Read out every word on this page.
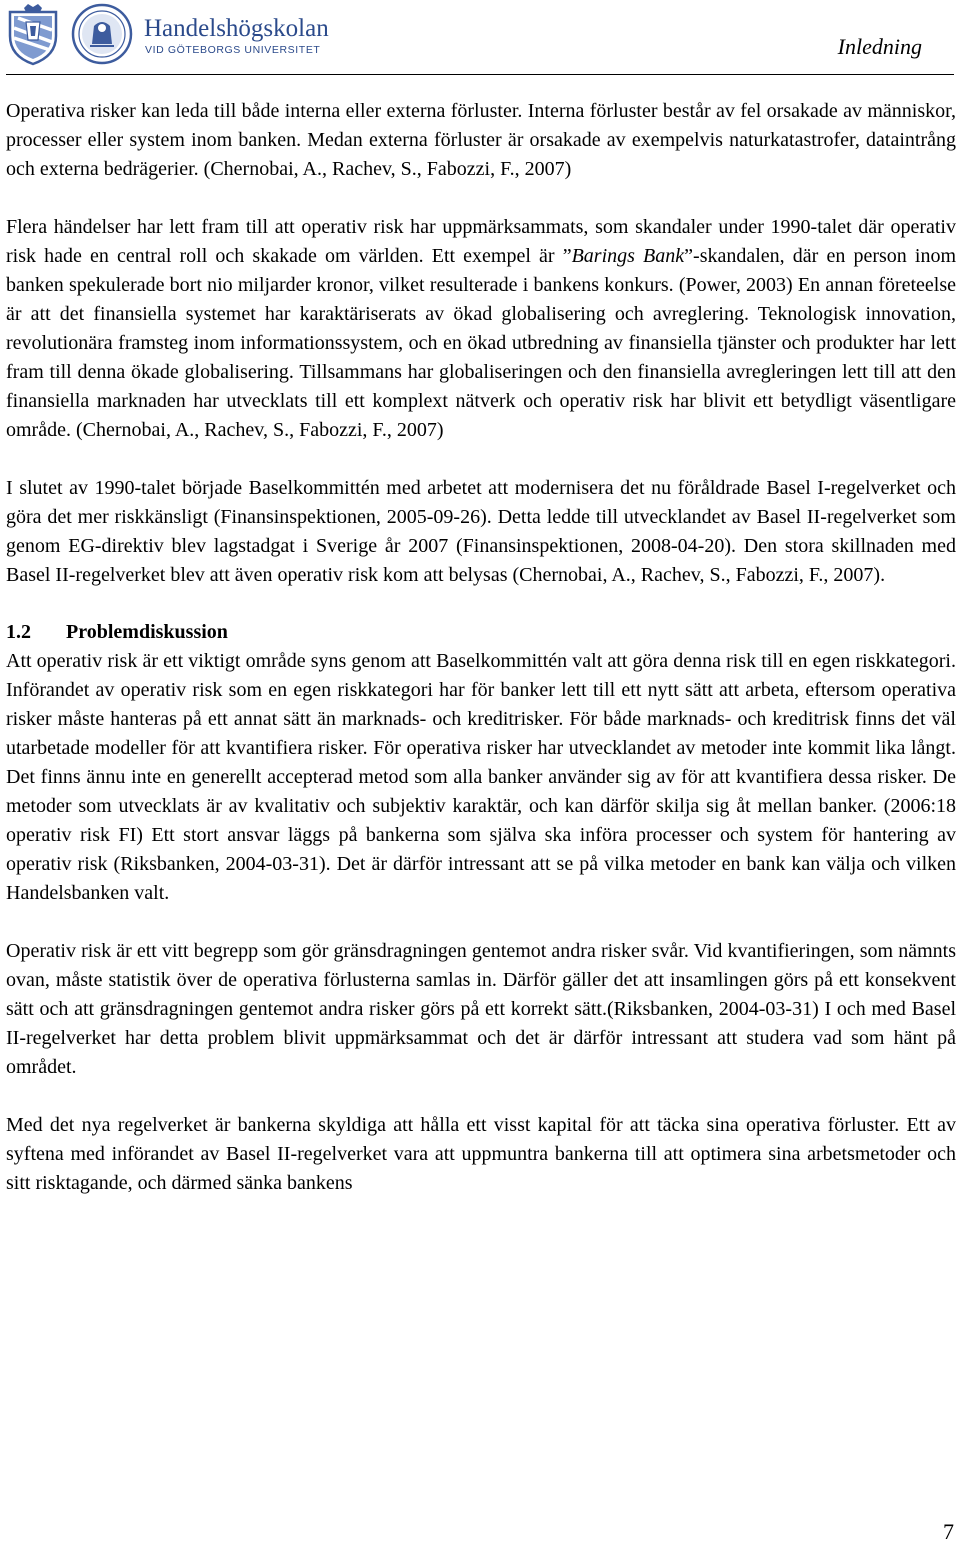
Handelshögskolan
VID GÖTEBORGS UNIVERSITET	Inledning

Operativa risker kan leda till både interna eller externa förluster. Interna förluster består av fel orsakade av människor, processer eller system inom banken. Medan externa förluster är orsakade av exempelvis naturkatastrofer, dataintrång och externa bedrägerier. (Chernobai, A., Rachev, S., Fabozzi, F., 2007)

Flera händelser har lett fram till att operativ risk har uppmärksammats, som skandaler under 1990-talet där operativ risk hade en central roll och skakade om världen. Ett exempel är ”Barings Bank”-skandalen, där en person inom banken spekulerade bort nio miljarder kronor, vilket resulterade i bankens konkurs. (Power, 2003) En annan företeelse är att det finansiella systemet har karaktäriserats av ökad globalisering och avreglering. Teknologisk innovation, revolutionära framsteg inom informationssystem, och en ökad utbredning av finansiella tjänster och produkter har lett fram till denna ökade globalisering. Tillsammans har globaliseringen och den finansiella avregleringen lett till att den finansiella marknaden har utvecklats till ett komplext nätverk och operativ risk har blivit ett betydligt väsentligare område. (Chernobai, A., Rachev, S., Fabozzi, F., 2007)

I slutet av 1990-talet började Baselkommittén med arbetet att modernisera det nu föråldrade Basel I-regelverket och göra det mer riskkänsligt (Finansinspektionen, 2005-09-26). Detta ledde till utvecklandet av Basel II-regelverket som genom EG-direktiv blev lagstadgat i Sverige år 2007 (Finansinspektionen, 2008-04-20). Den stora skillnaden med Basel II-regelverket blev att även operativ risk kom att belysas (Chernobai, A., Rachev, S., Fabozzi, F., 2007).

1.2 Problemdiskussion

Att operativ risk är ett viktigt område syns genom att Baselkommittén valt att göra denna risk till en egen riskkategori. Införandet av operativ risk som en egen riskkategori har för banker lett till ett nytt sätt att arbeta, eftersom operativa risker måste hanteras på ett annat sätt än marknads- och kreditrisker. För både marknads- och kreditrisk finns det väl utarbetade modeller för att kvantifiera risker. För operativa risker har utvecklandet av metoder inte kommit lika långt. Det finns ännu inte en generellt accepterad metod som alla banker använder sig av för att kvantifiera dessa risker. De metoder som utvecklats är av kvalitativ och subjektiv karaktär, och kan därför skilja sig åt mellan banker. (2006:18 operativ risk FI) Ett stort ansvar läggs på bankerna som själva ska införa processer och system för hantering av operativ risk (Riksbanken, 2004-03-31). Det är därför intressant att se på vilka metoder en bank kan välja och vilken Handelsbanken valt.

Operativ risk är ett vitt begrepp som gör gränsdragningen gentemot andra risker svår. Vid kvantifieringen, som nämnts ovan, måste statistik över de operativa förlusterna samlas in. Därför gäller det att insamlingen görs på ett konsekvent sätt och att gränsdragningen gentemot andra risker görs på ett korrekt sätt.(Riksbanken, 2004-03-31) I och med Basel II-regelverket har detta problem blivit uppmärksammat och det är därför intressant att studera vad som hänt på området.

Med det nya regelverket är bankerna skyldiga att hålla ett visst kapital för att täcka sina operativa förluster. Ett av syftena med införandet av Basel II-regelverket vara att uppmuntra bankerna till att optimera sina arbetsmetoder och sitt risktagande, och därmed sänka bankens

7
